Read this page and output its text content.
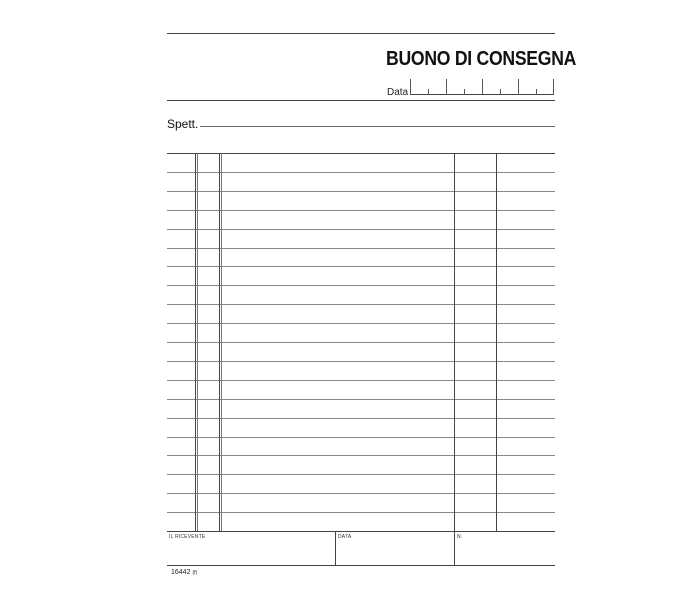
BUONO DI CONSEGNA
Data
Spett.
IL RICEVENTE	DATA	N.
16442 (f)
